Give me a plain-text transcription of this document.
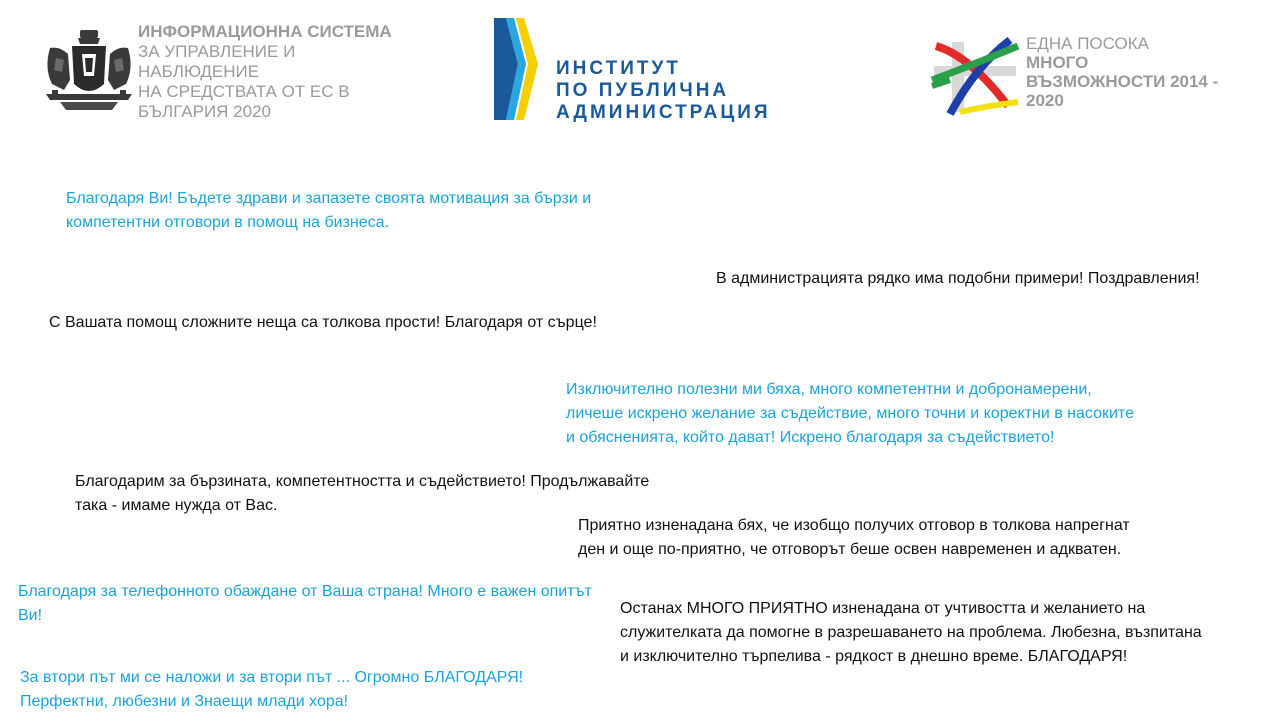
ИНФОРМАЦИОННА СИСТЕМА
ЗА УПРАВЛЕНИЕ И
НАБЛЮДЕНИЕ
НА СРЕДСТВАТА ОТ ЕС В
БЪЛГАРИЯ 2020
ИНСТИТУТ
ПО ПУБЛИЧНА
АДМИНИСТРАЦИЯ
ЕДНА ПОСОКА
МНОГО
ВЪЗМОЖНОСТИ 2014 -
2020

Благодаря Ви! Бъдете здрави и запазете своята мотивация за бързи и
компетентни отговори в помощ на бизнеса.

В администрацията рядко има подобни примери! Поздравления!

С Вашата помощ сложните неща са толкова прости! Благодаря от сърце!

Изключително полезни ми бяха, много компетентни и добронамерени,
личеше искрено желание за съдействие, много точни и коректни в насоките
и обясненията, който дават! Искрено благодаря за съдействието!

Благодарим за бързината, компетентността и съдействието! Продължавайте
така - имаме нужда от Вас.

Приятно изненадана бях, че изобщо получих отговор в толкова напрегнат
ден и още по-приятно, че отговорът беше освен навременен и адкватен.

Благодаря за телефонното обаждане от Ваша страна! Много е важен опитът
Ви!	Останах МНОГО ПРИЯТНО изненадана от учтивостта и желанието на
служителката да помогне в разрешаването на проблема. Любезна, възпитана
и изключително търпелива - рядкост в днешно време. БЛАГОДАРЯ!

За втори път ми се наложи и за втори път ... Огромно БЛАГОДАРЯ!
Перфектни, любезни и Знаещи млади хора!
